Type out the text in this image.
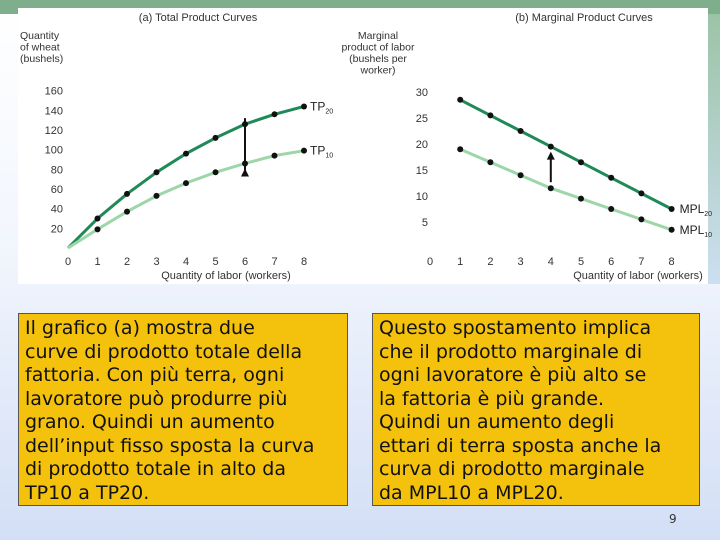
(a) Total Product Curves
Quantity
of wheat
(bushels)
0 1 2 3 4 5 6 7 8
20
40
60
80
100
120
140
160
$TP_{20}$
$TP_{10}$
Quantity of labor (workers)
(b) Marginal Product Curves
Marginal
product of labor
(bushels per
worker)
0 1 2 3 4 5 6 7 8
5
10
15
20
25
30
$MPL_{20}$
$MPL_{10}$
Quantity of labor (workers)
Il grafico (a) mostra due
curve di prodotto totale della
fattoria. Con più terra, ogni
lavoratore può produrre più
grano. Quindi un aumento
dell’input fisso sposta la curva
di prodotto totale in alto da
TP10 a TP20.
Questo spostamento implica
che il prodotto marginale di
ogni lavoratore è più alto se
la fattoria è più grande.
Quindi un aumento degli
ettari di terra sposta anche la
curva di prodotto marginale
da MPL10 a MPL20.
9
